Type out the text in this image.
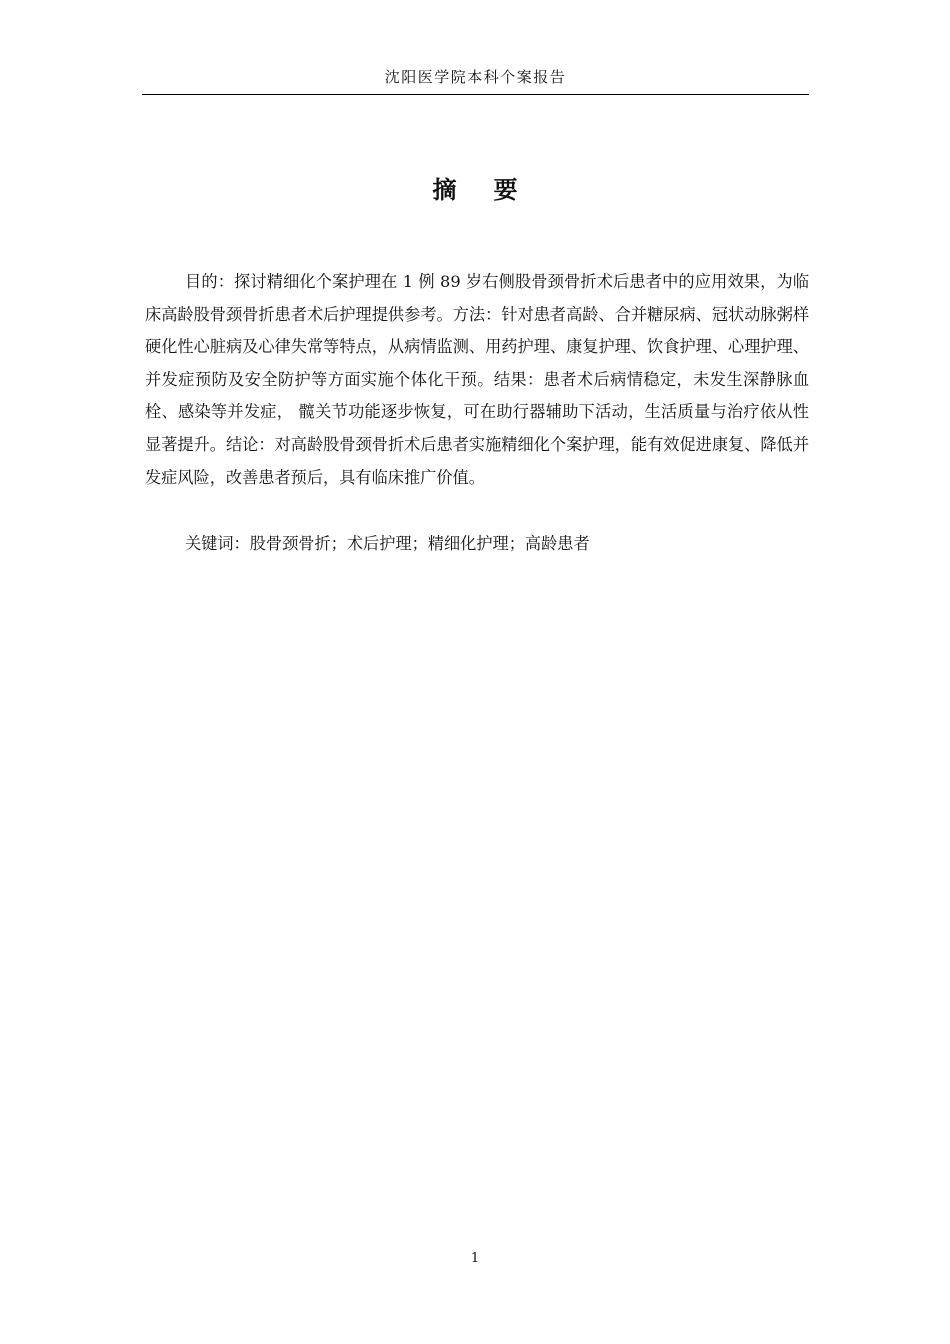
沈阳医学院本科个案报告
摘 要

目的：探讨精细化个案护理在 1 例 89 岁右侧股骨颈骨折术后患者中的应用效果，为临床高龄股骨颈骨折患者术后护理提供参考。方法：针对患者高龄、合并糖尿病、冠状动脉粥样硬化性心脏病及心律失常等特点，从病情监测、用药护理、康复护理、饮食护理、心理护理、并发症预防及安全防护等方面实施个体化干预。结果：患者术后病情稳定，未发生深静脉血栓、感染等并发症， 髋关节功能逐步恢复，可在助行器辅助下活动，生活质量与治疗依从性显著提升。结论：对高龄股骨颈骨折术后患者实施精细化个案护理，能有效促进康复、降低并发症风险，改善患者预后，具有临床推广价值。

关键词：股骨颈骨折；术后护理；精细化护理；高龄患者

1
